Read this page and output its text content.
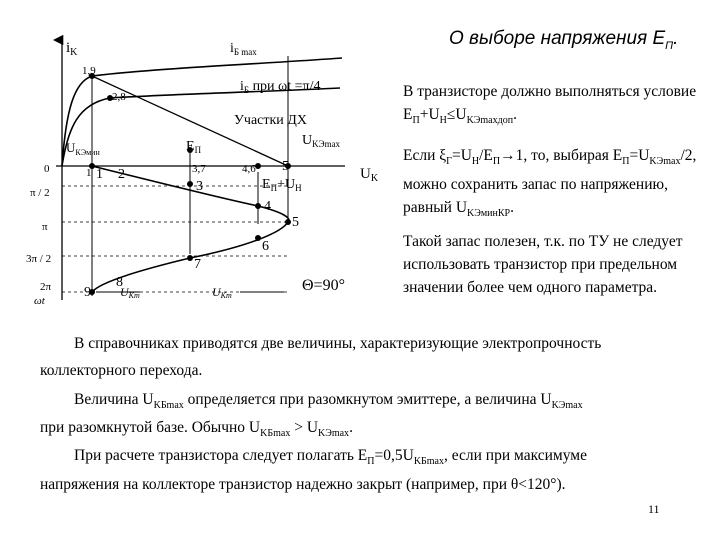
О выборе напряжения $E_П$.
$i_K$	$i_{Б max}$
$i_Б$ при ωt =π/4
Участки ДХ
$U_{KЭmax}$
$E_П$
$U_{КЭмин}$
$U_K$
$E_П+U_Н$
UKm	UKm
Θ=90°
ωt
0
π / 2
π
3π / 2
2π
1,9
2,8
1	3,7	4,6
1 2
3
4
5
5
6
7
8
9
В транзисторе должно выполняться условие $E_П+U_Н\le U_{KЭmaxдоп}$.
Если $\xi_Г=U_Н/E_П\to 1$, то, выбирая $E_П=U_{KЭmax}/2$, можно сохранить запас по напряжению, равный $U_{KЭминКР}$.
Такой запас полезен, т.к. по ТУ не следует использовать транзистор при предельном значении более чем одного параметра.
В справочниках приводятся две величины, характеризующие электропрочность
коллекторного перехода.
Величина $U_{KБmax}$ определяется при разомкнутом эмиттере, а величина $U_{KЭmax}$
при разомкнутой базе. Обычно $U_{KБmax} > U_{KЭmax}$.
При расчете транзистора следует полагать $E_П=0,5U_{KБmax}$, если при максимуме
напряжения на коллекторе транзистор надежно закрыт (например, при θ<120°).
11
